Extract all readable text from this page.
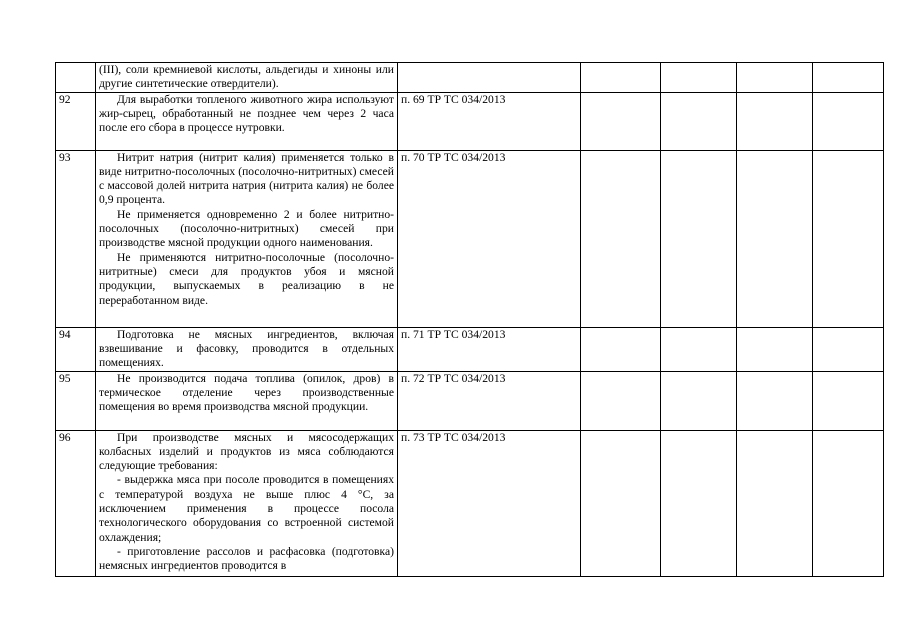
	(III), соли кремниевой кислоты, альдегиды и хиноны или другие синтетические отвердители).					

92	Для выработки топленого животного жира используют жир-сырец, обработанный не позднее чем через 2 часа после его сбора в процессе нутровки.	п. 69 ТР ТС 034/2013				
93	Нитрит натрия (нитрит калия) применяется только в виде нитритно-посолочных (посолочно-нитритных) смесей с массовой долей нитрита натрия (нитрита калия) не более 0,9 процента.
Не применяется одновременно 2 и более нитритно-посолочных (посолочно-нитритных) смесей при производстве мясной продукции одного наименования.
Не применяются нитритно-посолочные (посолочно-нитритные) смеси для продуктов убоя и мясной продукции, выпускаемых в реализацию в не переработанном виде.	п. 70 ТР ТС 034/2013				
94	Подготовка не мясных ингредиентов, включая взвешивание и фасовку, проводится в отдельных помещениях.	п. 71 ТР ТС 034/2013				
95	Не производится подача топлива (опилок, дров) в термическое отделение через производственные помещения во время производства мясной продукции.	п. 72 ТР ТС 034/2013				
96	При производстве мясных и мясосодержащих колбасных изделий и продуктов из мяса соблюдаются следующие требования:
- выдержка мяса при посоле проводится в помещениях с температурой воздуха не выше плюс 4 °C, за исключением применения в процессе посола технологического оборудования со встроенной системой охлаждения;
- приготовление рассолов и расфасовка (подготовка) немясных ингредиентов проводится в	п. 73 ТР ТС 034/2013				
